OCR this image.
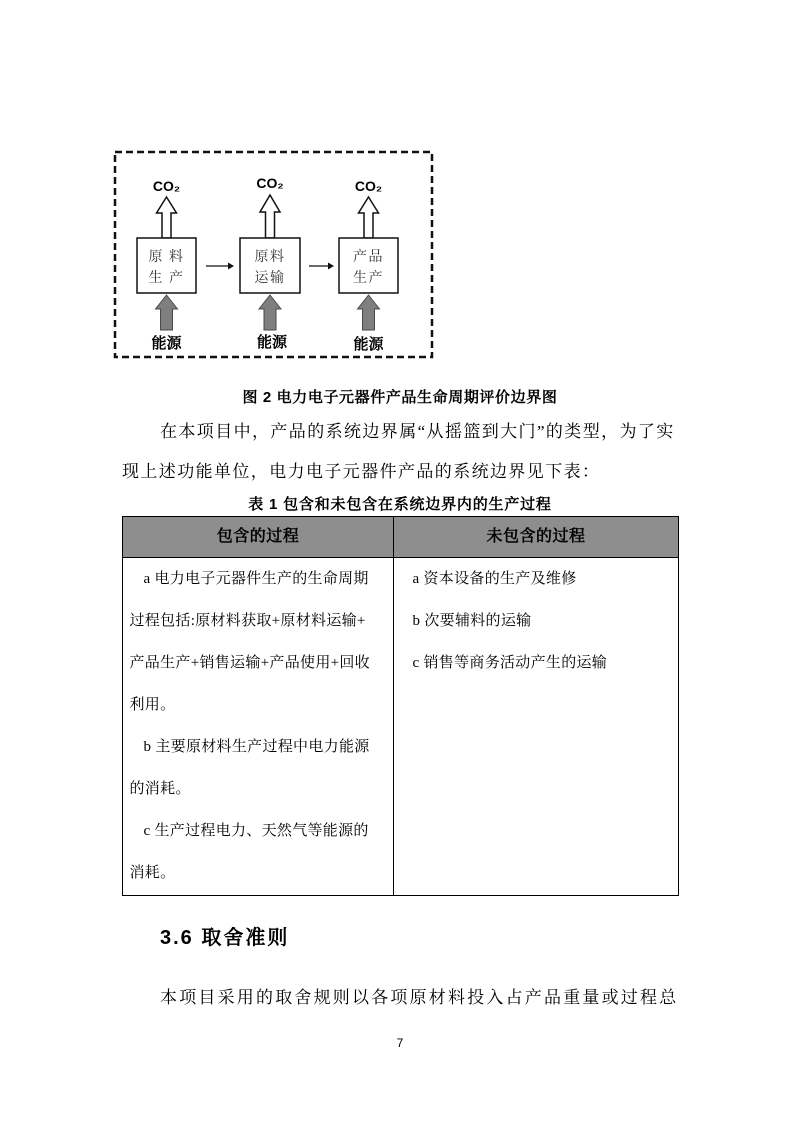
原 料
生 产
CO₂
能源
原料
运输
CO₂
能源
产品
生产
CO₂
能源
图 2 电力电子元器件产品生命周期评价边界图
在本项目中，产品的系统边界属“从摇篮到大门”的类型，为了实
现上述功能单位，电力电子元器件产品的系统边界见下表：
表 1 包含和未包含在系统边界内的生产过程
包含的过程	未包含的过程
a 电力电子元器件生产的生命周期
过程包括:原材料获取+原材料运输+
产品生产+销售运输+产品使用+回收
利用。
b 主要原材料生产过程中电力能源
的消耗。
c 生产过程电力、天然气等能源的
消耗。
a 资本设备的生产及维修
b 次要辅料的运输
c 销售等商务活动产生的运输
3.6 取舍准则
本项目采用的取舍规则以各项原材料投入占产品重量或过程总
7
